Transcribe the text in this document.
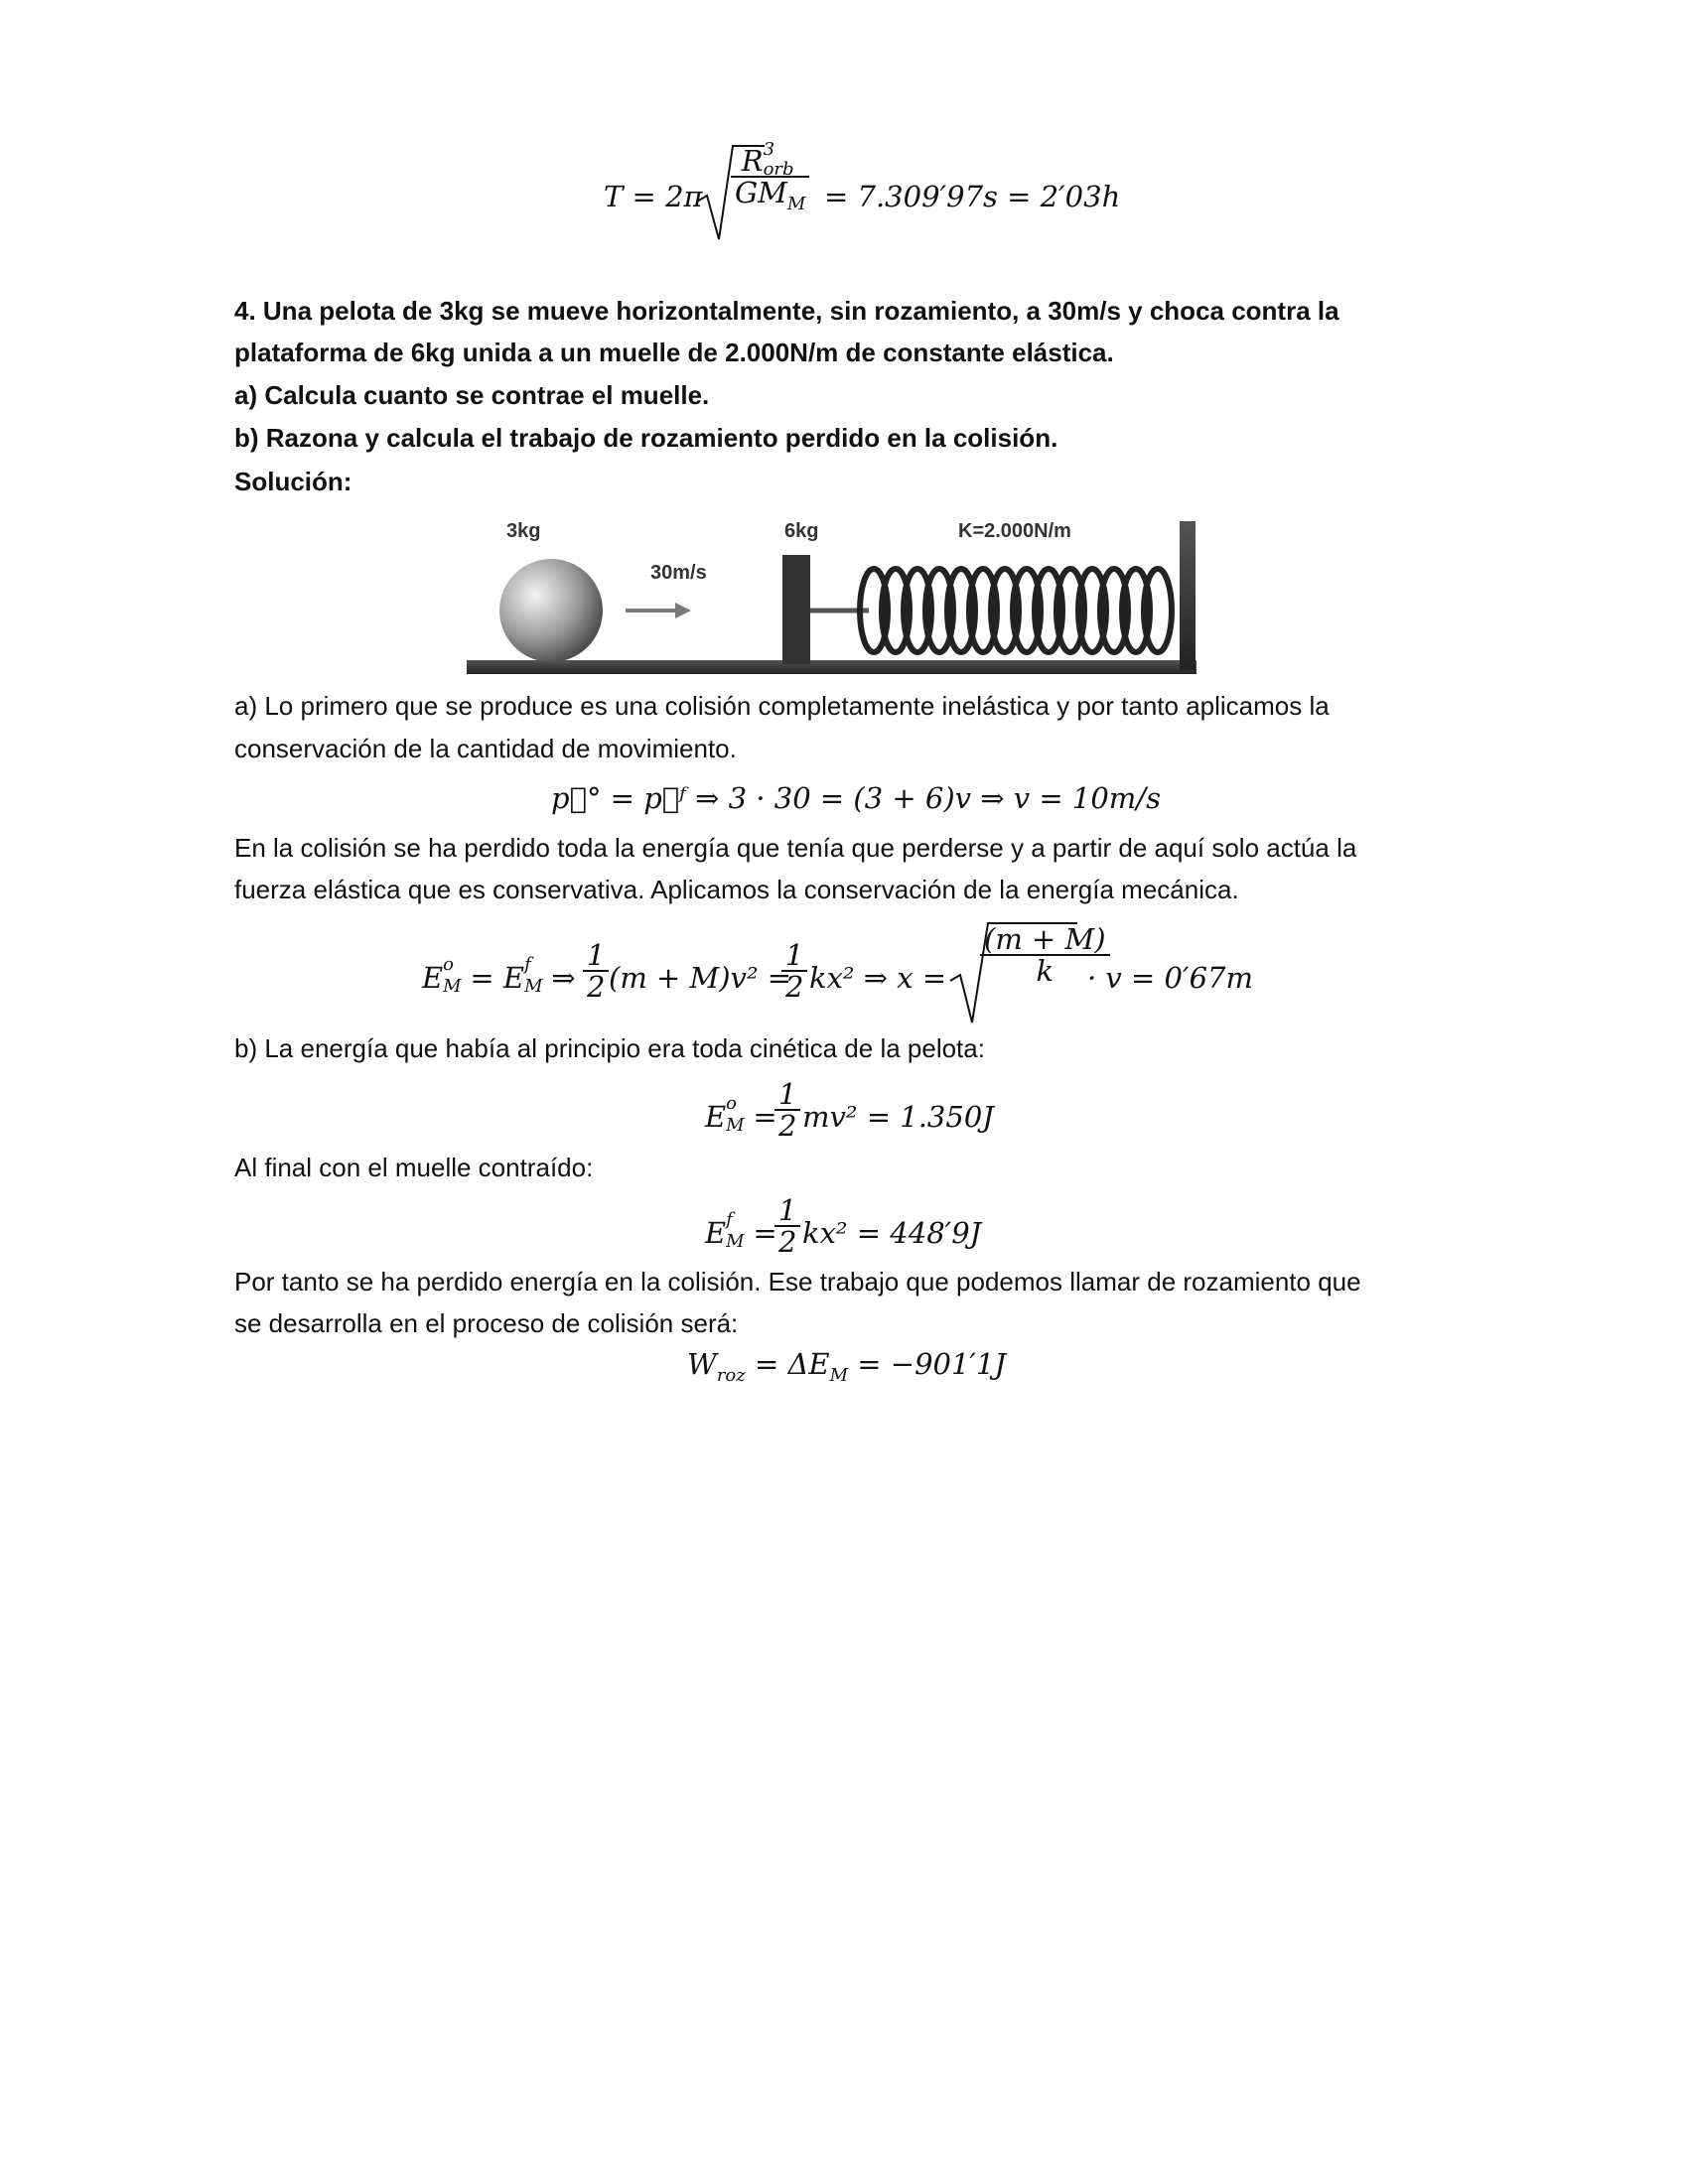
T = 2π
R 3
orb
$GM_M = 7.309'97s = 2'03h$
4. Una pelota de 3kg se mueve horizontalmente, sin rozamiento, a 30m/s y choca contra la
plataforma de 6kg unida a un muelle de 2.000N/m de constante elástica.
a) Calcula cuanto se contrae el muelle.
b) Razona y calcula el trabajo de rozamiento perdido en la colisión.
Solución:
3kg	6kg	K=2.000N/m
30m/s
a) Lo primero que se produce es una colisión completamente inelástica y por tanto aplicamos la
conservación de la cantidad de movimiento.
p⃗° = p⃗ᶠ ⇒ 3 · 30 = (3 + 6)v ⇒ v = 10m/s
En la colisión se ha perdido toda la energía que tenía que perderse y a partir de aquí solo actúa la
fuerza elástica que es conservativa. Aplicamos la conservación de la energía mecánica.
E o
M = E f
M ⇒ $\frac{1}{2} (m + M)v^2$ =
$\frac{1}{2} kx^2$ ⇒ $x = \frac{(m + M)}{k}$
· v = 0′67m
b) La energía que había al principio era toda cinética de la pelota:
E o
M =
$\frac{1}{2} mv^2 = 1.350J$
Al final con el muelle contraído:
E f
M =
$\frac{1}{2} kx^2 = 448'9J$
Por tanto se ha perdido energía en la colisión. Ese trabajo que podemos llamar de rozamiento que
se desarrolla en el proceso de colisión será:
$W_{roz} = \Delta E_M = -901'1J$
